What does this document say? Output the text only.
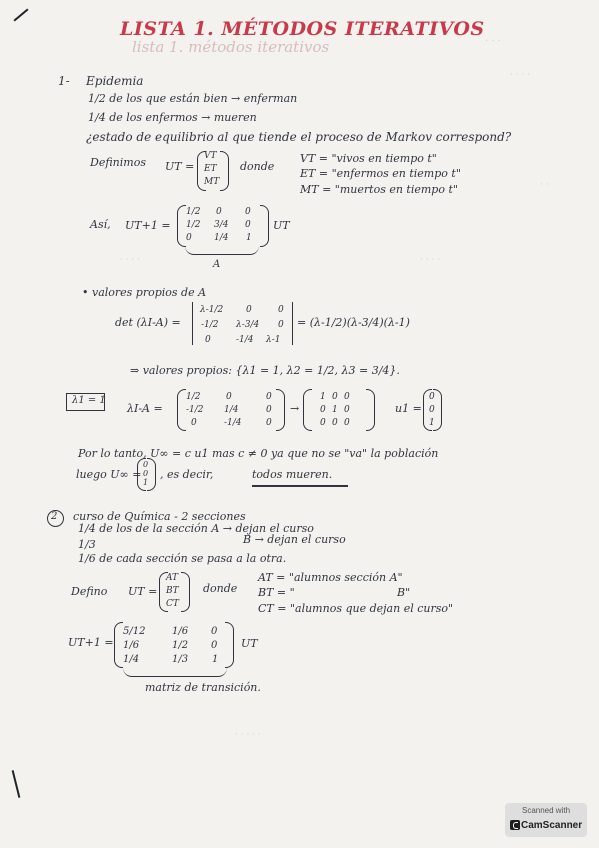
lista 1. métodos iterativos
LISTA 1. MÉTODOS ITERATIVOS
1- Epidemia
1/2 de los que están bien → enferman
1/4 de los enfermos → mueren
¿estado de equilibrio al que tiende el proceso de Markov correspond?
Definimos UT =
VT
ET
MT
donde
VT = "vivos en tiempo t"
ET = "enfermos en tiempo t"
MT = "muertos en tiempo t"
Así, UT+1 =
1/2 0	0
1/2 3/4 0
0 1/4 1
UT
A
• valores propios de A
det (λI-A) =
λ-1/2	0	0
-1/2 λ-3/4 0
0	-1/4 λ-1
= (λ-1/2)(λ-3/4)(λ-1)
⇒ valores propios: {λ1 = 1, λ2 = 1/2, λ3 = 3/4}.
λ1 = 1
λI-A =
1/2	0	0
-1/2 1/4	0
0	-1/4	0
→
1 0 0
0 1 0
0 0 0
u1 =
0
0
1
Por lo tanto, U∞ = c u1 mas c ≠ 0 ya que no se "va" la población
luego U∞ =
0
0
1
, es decir,	todos mueren.
2 curso de Química - 2 secciones
1/4 de los de la sección A → dejan el curso
1/3	B → dejan el curso
1/6 de cada sección se pasa a la otra.
Defino UT =
AT
BT
CT
donde
AT = "alumnos sección A"
BT = "	B"
CT = "alumnos que dejan el curso"
UT+1 =
5/12	1/6 0
1/6	1/2 0
1/4	1/3 1
UT
matriz de transición.
· · ·
· · · ·
· ·
· · · ·	· · · ·
· · · · ·
Scanned with
CamScanner
